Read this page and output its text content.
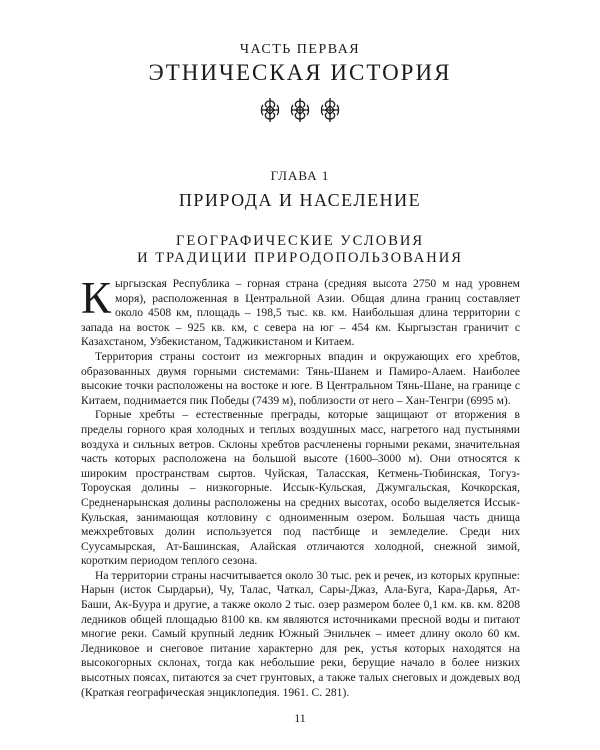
ЧАСТЬ ПЕРВАЯ
ЭТНИЧЕСКАЯ ИСТОРИЯ
ГЛАВА 1
ПРИРОДА И НАСЕЛЕНИЕ
ГЕОГРАФИЧЕСКИЕ УСЛОВИЯ
И ТРАДИЦИИ ПРИРОДОПОЛЬЗОВАНИЯ

Кыргызская Республика – горная страна (средняя высота 2750 м над уровнем моря), расположенная в Центральной Азии. Общая длина границ составляет около 4508 км, площадь – 198,5 тыс. кв. км. Наибольшая длина территории с запада на восток – 925 кв. км, с севера на юг – 454 км. Кыргызстан граничит с Казахстаном, Узбекистаном, Таджикистаном и Китаем.

Территория страны состоит из межгорных впадин и окружающих его хребтов, образованных двумя горными системами: Тянь-Шанем и Памиро-Алаем. Наиболее высокие точки расположены на востоке и юге. В Центральном Тянь-Шане, на границе с Китаем, поднимается пик Победы (7439 м), поблизости от него – Хан-Тенгри (6995 м).

Горные хребты – естественные преграды, которые защищают от вторжения в пределы горного края холодных и теплых воздушных масс, нагретого над пустынями воздуха и сильных ветров. Склоны хребтов расчленены горными реками, значительная часть которых расположена на большой высоте (1600–3000 м). Они относятся к широким пространствам сыртов. Чуйская, Таласская, Кетмень-Тюбинская, Тогуз-Тороуская долины – низкогорные. Иссык-Кульская, Джумгальская, Кочкорская, Средненарынская долины расположены на средних высотах, особо выделяется Иссык-Кульская, занимающая котловину с одноименным озером. Большая часть днища межхребтовых долин используется под пастбище и земледелие. Среди них Суусамырская, Ат-Башинская, Алайская отличаются холодной, снежной зимой, коротким периодом теплого сезона.

На территории страны насчитывается около 30 тыс. рек и речек, из которых крупные: Нарын (исток Сырдарьи), Чу, Талас, Чаткал, Сары-Джаз, Ала-Буга, Кара-Дарья, Ат-Баши, Ак-Буура и другие, а также около 2 тыс. озер размером более 0,1 км. кв. км. 8208 ледников общей площадью 8100 кв. км являются источниками пресной воды и питают многие реки. Самый крупный ледник Южный Энильчек – имеет длину около 60 км. Ледниковое и снеговое питание характерно для рек, устья которых находятся на высокогорных склонах, тогда как небольшие реки, берущие начало в более низких высотных поясах, питаются за счет грунтовых, а также талых снеговых и дождевых вод (Краткая географическая энциклопедия. 1961. С. 281).

11
